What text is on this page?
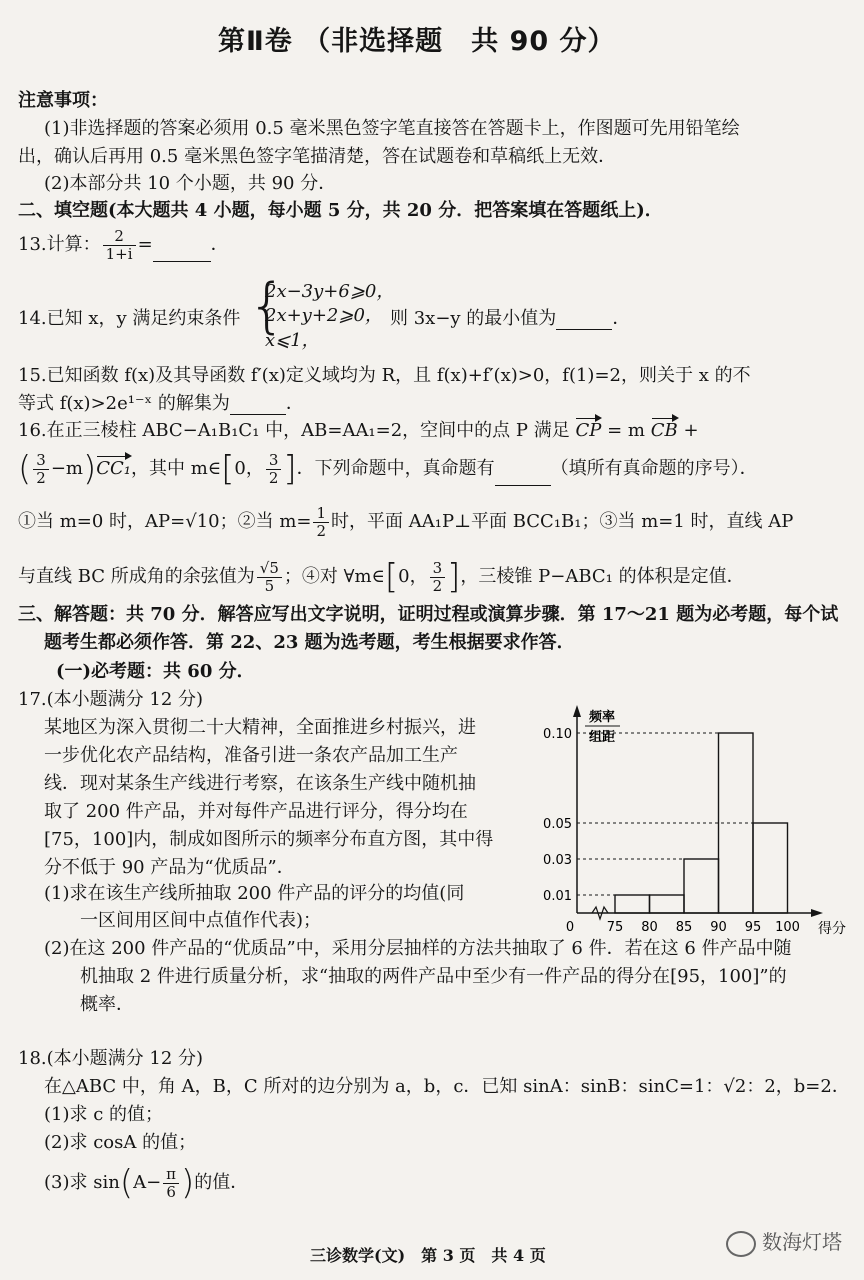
第Ⅱ卷 （非选择题　共 90 分）
注意事项：
(1)非选择题的答案必须用 0.5 毫米黑色签字笔直接答在答题卡上，作图题可先用铅笔绘
出，确认后再用 0.5 毫米黑色签字笔描清楚，答在试题卷和草稿纸上无效．
(2)本部分共 10 个小题，共 90 分．
二、填空题(本大题共 4 小题，每小题 5 分，共 20 分．把答案填在答题纸上)．
13.计算： $\frac{2}{1+i}$ =	．
14.已知 x，y 满足约束条件 {
2x−3y+6⩾0，
2x+y+2⩾0，
x⩽1，
则 3x−y 的最小值为	．
15.已知函数 f(x)及其导函数 f′(x)定义域均为 R，且 f(x)+f′(x)>0，f(1)=2，则关于 x 的不
等式 f(x)>2e¹⁻ˣ 的解集为	．
16.在正三棱柱 ABC−A₁B₁C₁ 中，AB=AA₁=2，空间中的点 P 满足 CP = m CB +
( $\frac{3}{2} -m)CC_1$，其中 m∈[0， $\frac{3}{2}$ ]．下列命题中，真命题有	（填所有真命题的序号）．
①当 m=0 时，AP=√10；②当 $m= \frac{1}{2}$ 时，平面 AA₁P⊥平面 BCC₁B₁；③当 m=1 时，直线 AP
与直线 BC 所成角的余弦值为 $\frac{√5}{5}$ ；④对 ∀m∈[0， $\frac{3}{2}$ ]，三棱锥 P−ABC₁ 的体积是定值．
三、解答题：共 70 分．解答应写出文字说明，证明过程或演算步骤．第 17～21 题为必考题，每个试
题考生都必须作答．第 22、23 题为选考题，考生根据要求作答．
(一)必考题：共 60 分．
17.(本小题满分 12 分)
某地区为深入贯彻二十大精神，全面推进乡村振兴，进
一步优化农产品结构，准备引进一条农产品加工生产
线．现对某条生产线进行考察，在该条生产线中随机抽
取了 200 件产品，并对每件产品进行评分，得分均在
[75，100]内，制成如图所示的频率分布直方图，其中得
分不低于 90 产品为“优质品”．
(1)求在该生产线所抽取 200 件产品的评分的均值(同
一区间用区间中点值作代表)；
(2)在这 200 件产品的“优质品”中，采用分层抽样的方法共抽取了 6 件．若在这 6 件产品中随
机抽取 2 件进行质量分析，求“抽取的两件产品中至少有一件产品的得分在[95，100]”的
概率．
0.01
0.03
0.05
0.10
75 80 85 90 95 100
0	得分
频率
组距
18.(本小题满分 12 分)
在△ABC 中，角 A，B，C 所对的边分别为 a，b，c．已知 sinA：sinB：sinC=1：√2：2，b=2．
(1)求 c 的值；
(2)求 cosA 的值；
(3)求 $\sin(A- \frac{\pi}{6}$ )的值．
数海灯塔
三诊数学(文)　第 3 页　共 4 页
